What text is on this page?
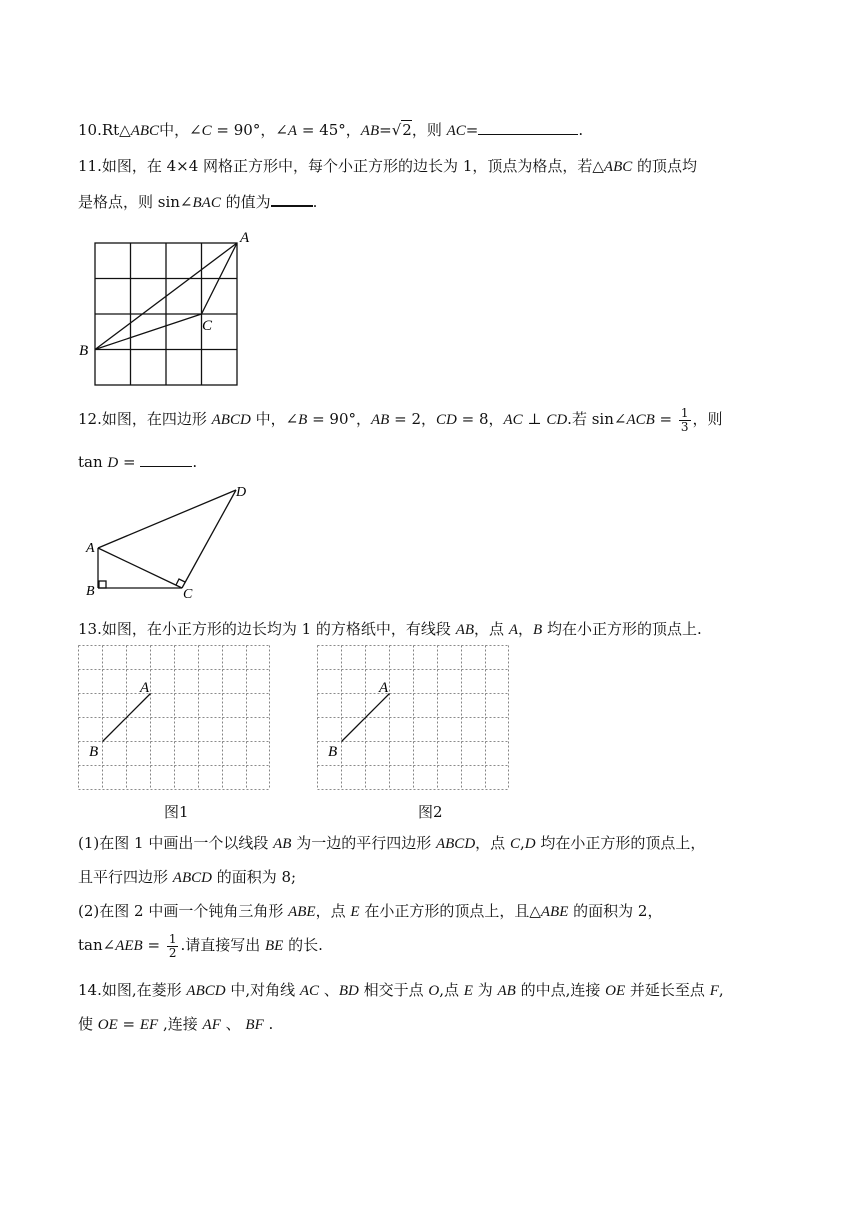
10.Rt△ABC中，∠C = 90°，∠A = 45°，AB=√2，则 AC=	.
11.如图，在 4×4 网格正方形中，每个小正方形的边长为 1，顶点为格点，若△ABC 的顶点均
是格点，则 sin∠BAC 的值为	.
A
B
C
12.如图，在四边形 ABCD 中，∠B = 90°，AB = 2，CD = 8，AC ⊥ CD.若 sin∠ACB = $\frac{1}{3}$ ，则
tan D =	.
A
B	C
D
13.如图，在小正方形的边长均为 1 的方格纸中，有线段 AB，点 A，B 均在小正方形的顶点上.
A
B
A
B
图1	图2
(1)在图 1 中画出一个以线段 AB 为一边的平行四边形 ABCD，点 C,D 均在小正方形的顶点上，
且平行四边形 ABCD 的面积为 8;
(2)在图 2 中画一个钝角三角形 ABE，点 E 在小正方形的顶点上，且△ABE 的面积为 2，
tan∠AEB = $\frac{1}{2}$ .请直接写出 BE 的长.
14.如图,在菱形 ABCD 中,对角线 AC 、BD 相交于点 O,点 E 为 AB 的中点,连接 OE 并延长至点 F,
使 OE = EF ,连接 AF 、 BF .
